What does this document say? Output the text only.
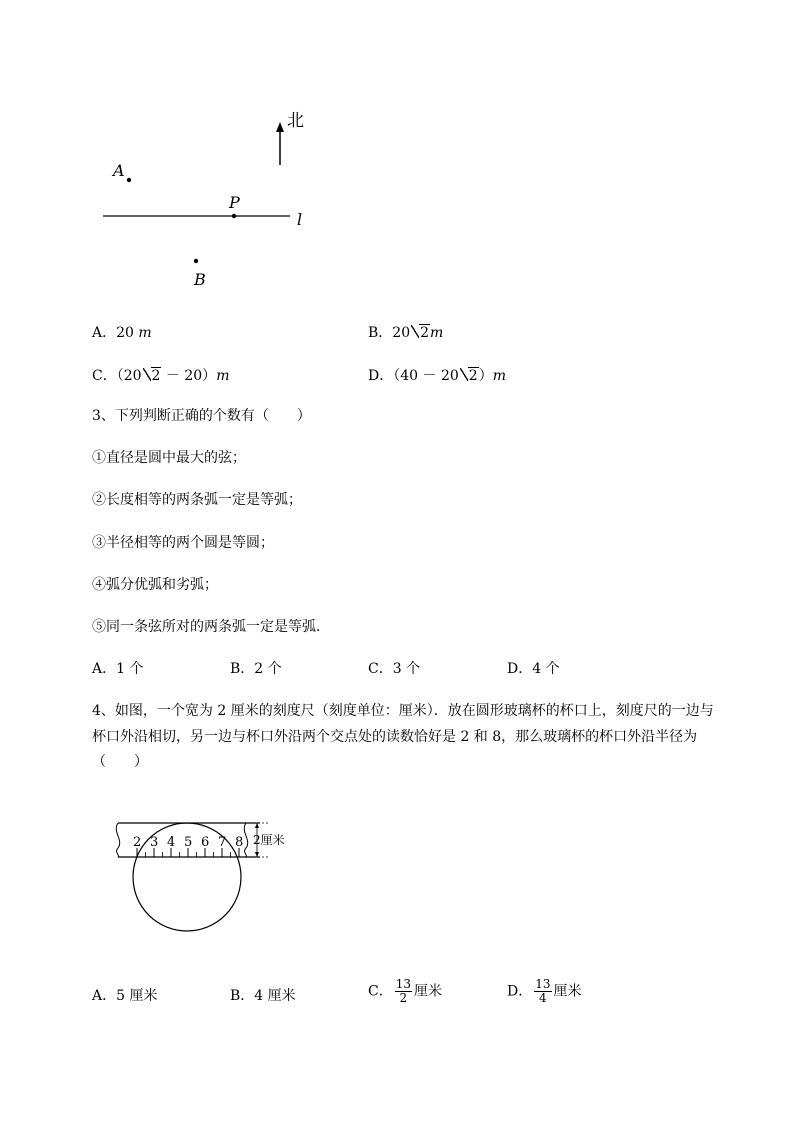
北
A
P
l
B
A．20 m	B．20 2m
C．（20 2 － 20）m	D．（40 － 20 2）m
3、下列判断正确的个数有（　　）
①直径是圆中最大的弦；
②长度相等的两条弧一定是等弧；
③半径相等的两个圆是等圆；
④弧分优弧和劣弧；
⑤同一条弦所对的两条弧一定是等弧．
A．1 个	B．2 个	C．3 个	D．4 个
4、如图，一个宽为 2 厘米的刻度尺（刻度单位：厘米）．放在圆形玻璃杯的杯口上，刻度尺的一边与
杯口外沿相切，另一边与杯口外沿两个交点处的读数恰好是 2 和 8，那么玻璃杯的杯口外沿半径为
（　　）
2厘米
2 3 4 5 6 7 8
A．5 厘米	B．4 厘米	C． $\frac{13}{2}$ 厘米	D． $\frac{13}{4}$ 厘米
